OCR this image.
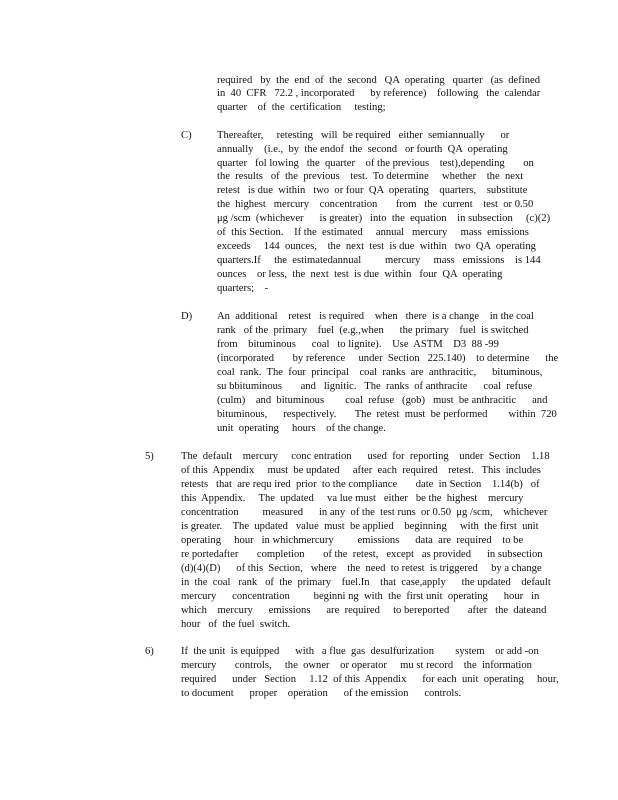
required   by  the  end  of  the  second   QA  operating   quarter   (as  defined
in  40  CFR   72.2 , incorporated      by reference)    following   the  calendar
quarter    of  the  certification     testing;
C) Thereafter,     retesting   will  be required   either  semiannually      or
annually    (i.e.,  by  the endof  the  second   or fourth  QA  operating
quarter   fol lowing   the  quarter    of the previous    test),depending       on
the  results   of  the  previous    test.  To determine     whether    the  next
retest   is due  within   two  or four  QA  operating    quarters,    substitute
the  highest   mercury    concentration       from   the  current    test  or 0.50
μg /scm  (whichever      is greater)   into  the  equation    in subsection     (c)(2)
of  this Section.    If the  estimated     annual   mercury     mass  emissions
exceeds     144  ounces,    the  next  test  is due  within   two  QA  operating
quarters.If     the  estimatedannual         mercury     mass   emissions    is 144
ounces    or less,  the  next  test  is due  within   four  QA  operating
quarters;    -
D) An  additional    retest   is required    when   there  is a change    in the coal
rank   of the  primary    fuel  (e.g.,when      the primary    fuel  is switched
from    bituminous      coal   to lignite).    Use  ASTM    D3  88 -99
(incorporated       by reference     under  Section   225.140)    to determine      the
coal  rank.  The  four  principal    coal  ranks  are  anthracitic,      bituminous,
su bbituminous       and   lignitic.   The  ranks  of anthracite      coal  refuse
(culm)    and  bituminous        coal  refuse   (gob)   must  be anthracitic      and
bituminous,      respectively.       The  retest  must  be performed        within  720
unit  operating     hours    of the change.
5)	The  default    mercury     conc entration      used  for  reporting    under  Section    1.18
of this  Appendix     must  be updated     after  each  required    retest.   This  includes
retests   that  are requ ired  prior  to the compliance       date  in Section    1.14(b)   of
this  Appendix.     The  updated     va lue must   either   be the  highest    mercury
concentration         measured      in any  of the  test runs  or 0.50  μg /scm,    whichever
is greater.    The  updated   value  must  be applied    beginning     with  the first  unit
operating     hour   in whichmercury         emissions      data  are  required    to be
re portedafter       completion       of the  retest,   except   as provided      in subsection
(d)(4)(D)      of this  Section,   where    the  need  to retest  is triggered     by a change
in  the  coal   rank   of  the  primary    fuel.In    that  case,apply      the updated    default
mercury      concentration         beginni ng  with  the  first unit  operating      hour   in
which    mercury      emissions      are  required     to bereported       after   the  dateand
hour   of  the fuel  switch.
6)	If  the unit  is equipped      with   a flue  gas  desulfurization        system    or add -on
mercury       controls,     the  owner    or operator     mu st record    the  information
required      under   Section     1.12  of this  Appendix      for each  unit  operating     hour,
to document      proper    operation      of the emission      controls.
